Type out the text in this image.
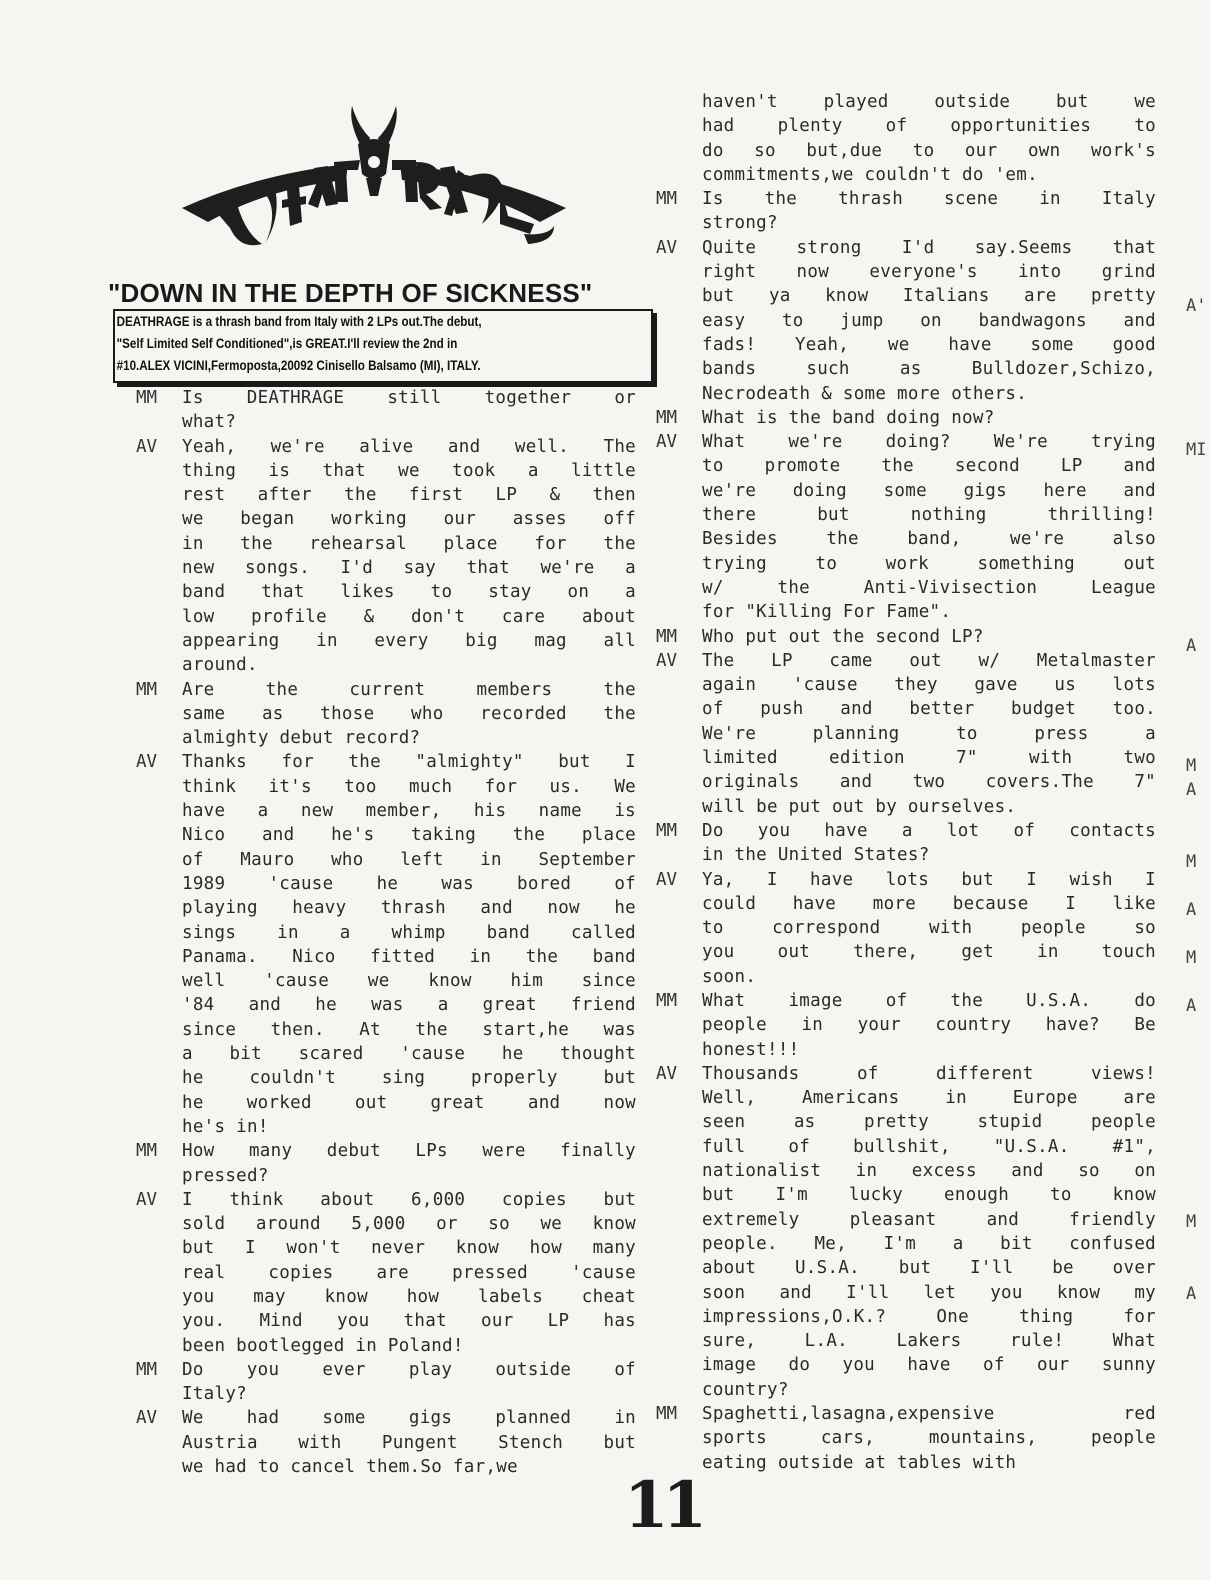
"DOWN IN THE DEPTH OF SICKNESS"
DEATHRAGE is a thrash band from Italy with 2 LPs out.The debut,
"Self Limited Self Conditioned",is GREAT.I'll review the 2nd in
#10.ALEX VICINI,Fermoposta,20092 Cinisello Balsamo (MI), ITALY.
MM	Is DEATHRAGE still together or
what?
AV	Yeah, we're alive and well. The
thing is that we took a little
rest after the first LP & then
we began working our asses off
in the rehearsal place for the
new songs. I'd say that we're a
band that likes to stay on a
low profile & don't care about
appearing in every big mag all
around.
MM	Are the current members the
same as those who recorded the
almighty debut record?
AV	Thanks for the "almighty" but I
think it's too much for us. We
have a new member, his name is
Nico and he's taking the place
of Mauro who left in September
1989 'cause he was bored of
playing heavy thrash and now he
sings in a whimp band called
Panama. Nico fitted in the band
well 'cause we know him since
'84 and he was a great friend
since then. At the start,he was
a bit scared 'cause he thought
he couldn't sing properly but
he worked out great and now
he's in!
MM	How many debut LPs were finally
pressed?
AV	I think about 6,000 copies but
sold around 5,000 or so we know
but I won't never know how many
real copies are pressed 'cause
you may know how labels cheat
you. Mind you that our LP has
been bootlegged in Poland!
MM	Do you ever play outside of
Italy?
AV	We had some gigs planned in
Austria with Pungent Stench but
we had to cancel them.So far,we
haven't played outside but we
had plenty of opportunities to
do so but,due to our own work's
commitments,we couldn't do 'em.
MM	Is the thrash scene in Italy
strong?
AV	Quite strong I'd say.Seems that
right now everyone's into grind
but ya know Italians are pretty
easy to jump on bandwagons and
fads! Yeah, we have some good
bands such as Bulldozer,Schizo,
Necrodeath & some more others.
MM	What is the band doing now?
AV	What we're doing? We're trying
to promote the second LP and
we're doing some gigs here and
there but nothing thrilling!
Besides the band, we're also
trying to work something out
w/ the Anti-Vivisection League
for "Killing For Fame".
MM	Who put out the second LP?
AV	The LP came out w/ Metalmaster
again 'cause they gave us lots
of push and better budget too.
We're planning to press a
limited edition 7" with two
originals and two covers.The 7"
will be put out by ourselves.
MM	Do you have a lot of contacts
in the United States?
AV	Ya, I have lots but I wish I
could have more because I like
to correspond with people so
you out there, get in touch
soon.
MM	What image of the U.S.A. do
people in your country have? Be
honest!!!
AV	Thousands of different views!
Well, Americans in Europe are
seen as pretty stupid people
full of bullshit, "U.S.A. #1",
nationalist in excess and so on
but I'm lucky enough to know
extremely pleasant and friendly
people. Me, I'm a bit confused
about U.S.A. but I'll be over
soon and I'll let you know my
impressions,O.K.? One thing for
sure, L.A. Lakers rule! What
image do you have of our sunny
country?
MM	Spaghetti,lasagna,expensive red
sports cars, mountains, people
eating outside at tables with
A'
MI
A
M
A
M
A
M
A
M
A
11
